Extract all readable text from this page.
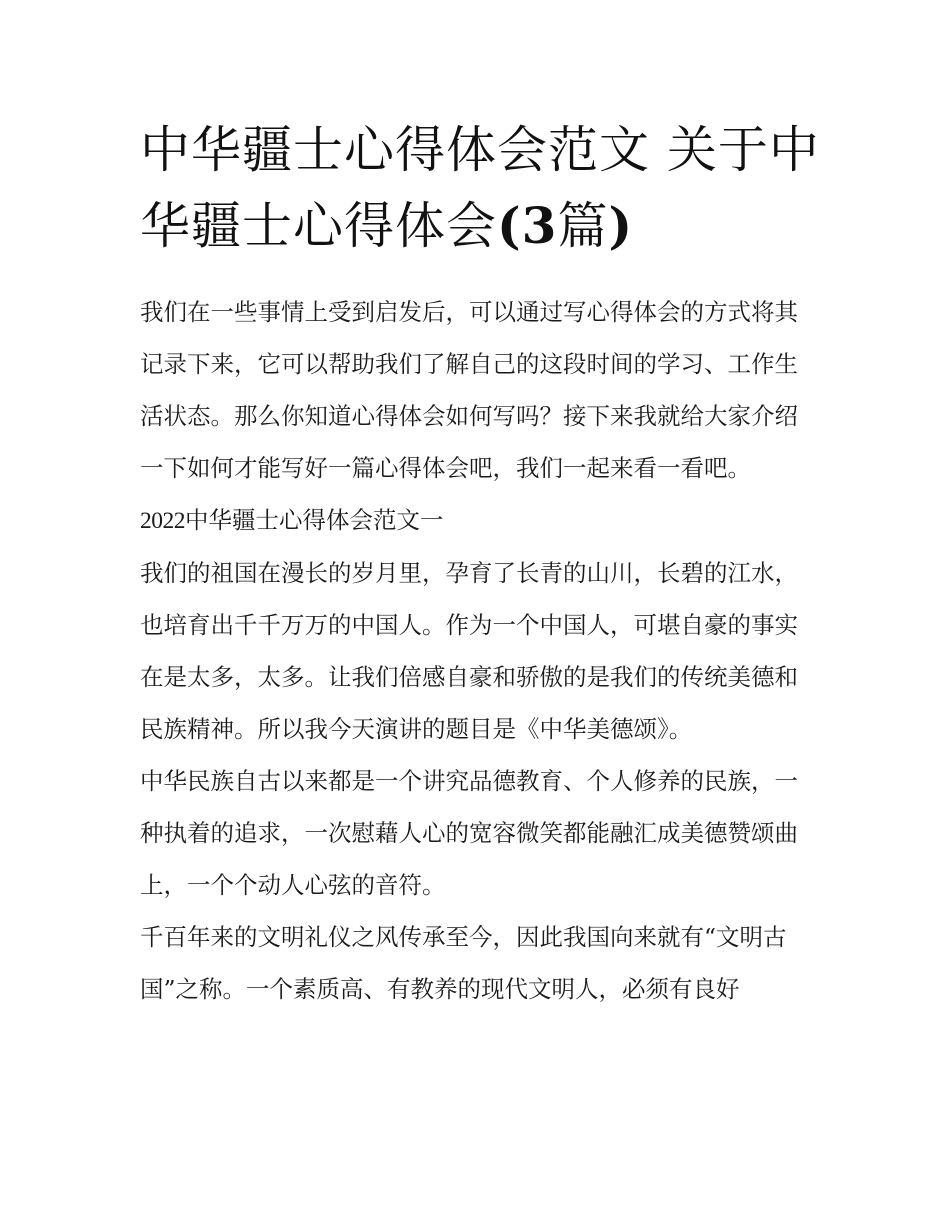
中华疆士心得体会范文 关于中华疆士心得体会(3篇)

我们在一些事情上受到启发后，可以通过写心得体会的方式将其记录下来，它可以帮助我们了解自己的这段时间的学习、工作生活状态。那么你知道心得体会如何写吗？接下来我就给大家介绍一下如何才能写好一篇心得体会吧，我们一起来看一看吧。

2022中华疆士心得体会范文一

我们的祖国在漫长的岁月里，孕育了长青的山川，长碧的江水，也培育出千千万万的中国人。作为一个中国人，可堪自豪的事实在是太多，太多。让我们倍感自豪和骄傲的是我们的传统美德和民族精神。所以我今天演讲的题目是《中华美德颂》。

中华民族自古以来都是一个讲究品德教育、个人修养的民族，一种执着的追求，一次慰藉人心的宽容微笑都能融汇成美德赞颂曲上，一个个动人心弦的音符。

千百年来的文明礼仪之风传承至今，因此我国向来就有“文明古国”之称。一个素质高、有教养的现代文明人，必须有良好
